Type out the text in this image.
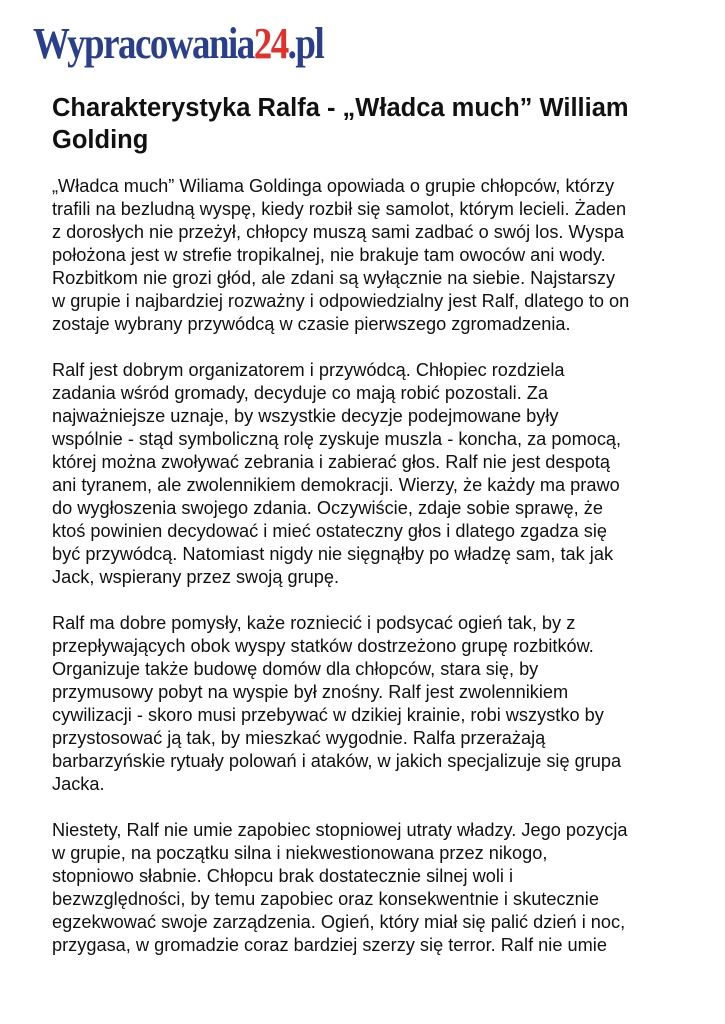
Wypracowania24.pl
Charakterystyka Ralfa - „Władca much” William Golding
„Władca much” Wiliama Goldinga opowiada o grupie chłopców, którzy
trafili na bezludną wyspę, kiedy rozbił się samolot, którym lecieli. Żaden
z dorosłych nie przeżył, chłopcy muszą sami zadbać o swój los. Wyspa
położona jest w strefie tropikalnej, nie brakuje tam owoców ani wody.
Rozbitkom nie grozi głód, ale zdani są wyłącznie na siebie. Najstarszy
w grupie i najbardziej rozważny i odpowiedzialny jest Ralf, dlatego to on
zostaje wybrany przywódcą w czasie pierwszego zgromadzenia.
Ralf jest dobrym organizatorem i przywódcą. Chłopiec rozdziela
zadania wśród gromady, decyduje co mają robić pozostali. Za
najważniejsze uznaje, by wszystkie decyzje podejmowane były
wspólnie - stąd symboliczną rolę zyskuje muszla - koncha, za pomocą,
której można zwoływać zebrania i zabierać głos. Ralf nie jest despotą
ani tyranem, ale zwolennikiem demokracji. Wierzy, że każdy ma prawo
do wygłoszenia swojego zdania. Oczywiście, zdaje sobie sprawę, że
ktoś powinien decydować i mieć ostateczny głos i dlatego zgadza się
być przywódcą. Natomiast nigdy nie sięgnąłby po władzę sam, tak jak
Jack, wspierany przez swoją grupę.
Ralf ma dobre pomysły, każe rozniecić i podsycać ogień tak, by z
przepływających obok wyspy statków dostrzeżono grupę rozbitków.
Organizuje także budowę domów dla chłopców, stara się, by
przymusowy pobyt na wyspie był znośny. Ralf jest zwolennikiem
cywilizacji - skoro musi przebywać w dzikiej krainie, robi wszystko by
przystosować ją tak, by mieszkać wygodnie. Ralfa przerażają
barbarzyńskie rytuały polowań i ataków, w jakich specjalizuje się grupa
Jacka.
Niestety, Ralf nie umie zapobiec stopniowej utraty władzy. Jego pozycja
w grupie, na początku silna i niekwestionowana przez nikogo,
stopniowo słabnie. Chłopcu brak dostatecznie silnej woli i
bezwzględności, by temu zapobiec oraz konsekwentnie i skutecznie
egzekwować swoje zarządzenia. Ogień, który miał się palić dzień i noc,
przygasa, w gromadzie coraz bardziej szerzy się terror. Ralf nie umie
